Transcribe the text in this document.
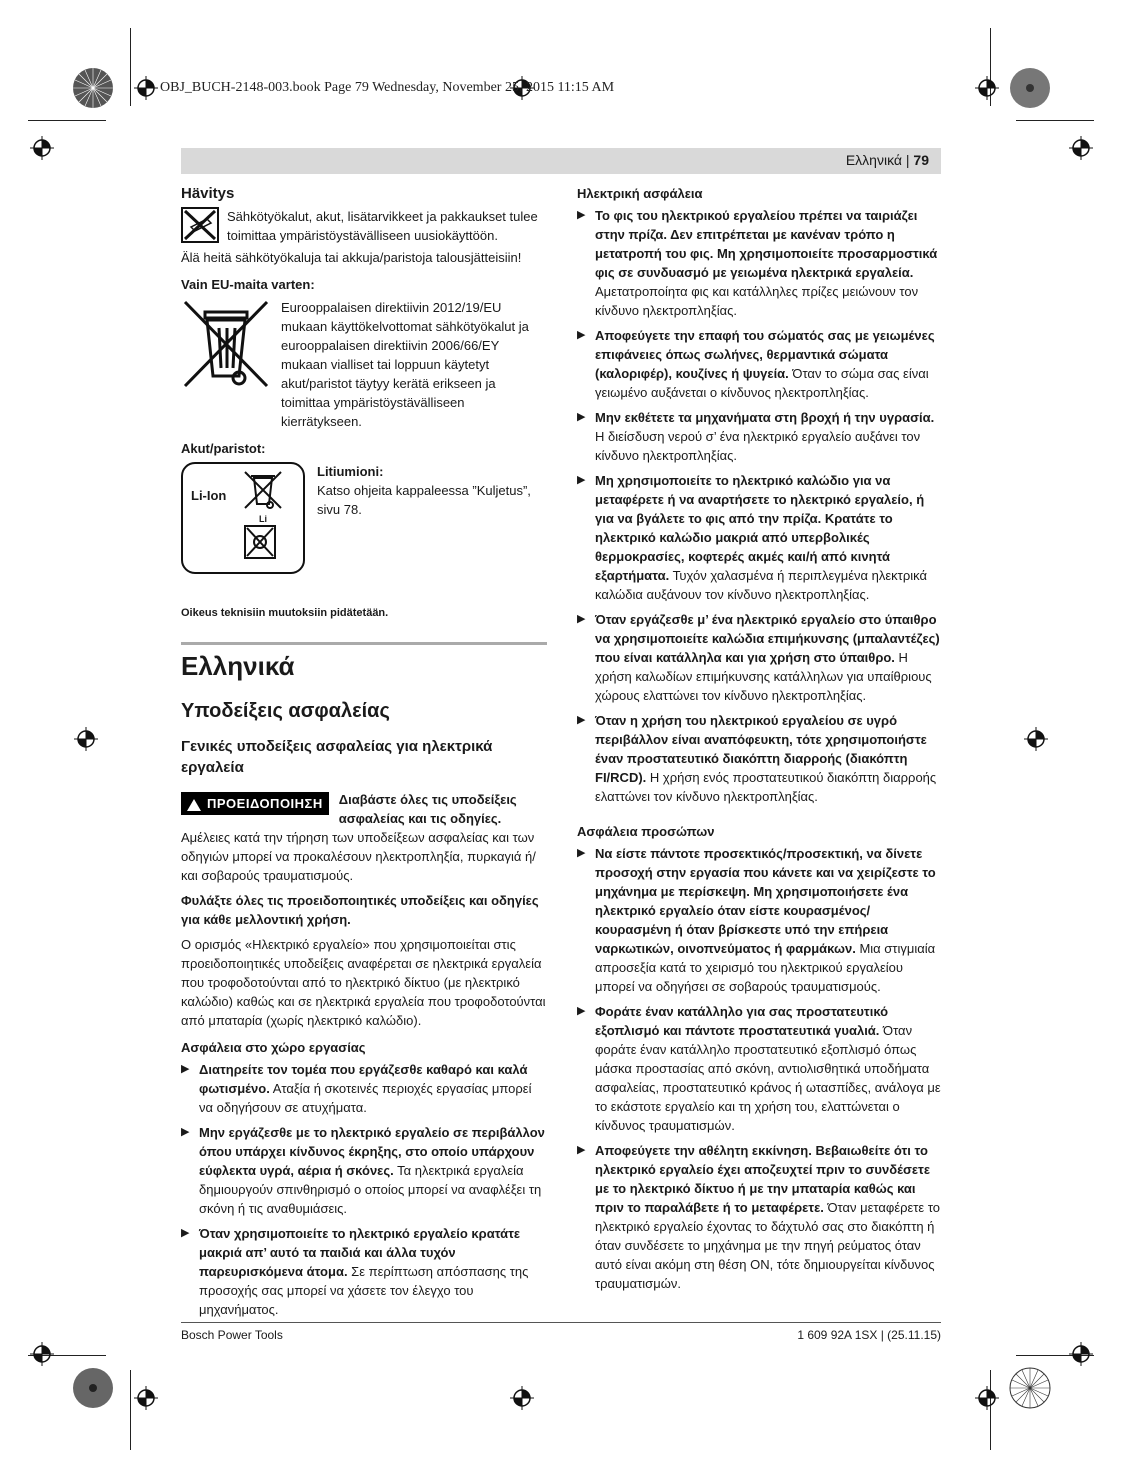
OBJ_BUCH-2148-003.book Page 79 Wednesday, November 25, 2015 11:15 AM
Ελληνικά | 79
Hävitys

Sähkötyökalut, akut, lisätarvikkeet ja pakkaukset tulee toimittaa ympäristöystävälliseen uusiokäyttöön.

Älä heitä sähkötyökaluja tai akkuja/paristoja talousjätteisiin!

Vain EU-maita varten:

Eurooppalaisen direktiivin 2012/19/EU mukaan käyttökelvottomat sähkötyökalut ja eurooppalaisen direktiivin 2006/66/EY mukaan vialliset tai loppuun käytetyt akut/paristot täytyy kerätä erikseen ja toimittaa ympäristöystävälliseen kierrätykseen.

Akut/paristot:

Li-Ion
Li

Litiumioni:

Katso ohjeita kappaleessa ”Kuljetus”, sivu 78.

Oikeus teknisiin muutoksiin pidätetään.

Ελληνικά
Υποδείξεις ασφαλείας
Γενικές υποδείξεις ασφαλείας για ηλεκτρικά εργαλεία
ΠΡΟΕΙΔΟΠΟΙΗΣΗ	Διαβάστε όλες τις υποδείξεις ασφαλείας και τις οδηγίες. Αμέλειες κατά την τήρηση των υποδείξεων ασφαλείας και των οδηγιών μπορεί να προκαλέσουν ηλεκτροπληξία, πυρκαγιά ή/και σοβαρούς τραυματισμούς.

Φυλάξτε όλες τις προειδοποιητικές υποδείξεις και οδηγίες για κάθε μελλοντική χρήση.

Ο ορισμός «Ηλεκτρικό εργαλείο» που χρησιμοποιείται στις προειδοποιητικές υποδείξεις αναφέρεται σε ηλεκτρικά εργαλεία που τροφοδοτούνται από το ηλεκτρικό δίκτυο (με ηλεκτρικό καλώδιο) καθώς και σε ηλεκτρικά εργαλεία που τροφοδοτούνται από μπαταρία (χωρίς ηλεκτρικό καλώδιο).

Ασφάλεια στο χώρο εργασίας

▶ Διατηρείτε τον τομέα που εργάζεσθε καθαρό και καλά φωτισμένο. Αταξία ή σκοτεινές περιοχές εργασίας μπορεί να οδηγήσουν σε ατυχήματα.
▶ Μην εργάζεσθε με το ηλεκτρικό εργαλείο σε περιβάλλον όπου υπάρχει κίνδυνος έκρηξης, στο οποίο υπάρχουν εύφλεκτα υγρά, αέρια ή σκόνες. Τα ηλεκτρικά εργαλεία δημιουργούν σπινθηρισμό ο οποίος μπορεί να αναφλέξει τη σκόνη ή τις αναθυμιάσεις.
▶ Όταν χρησιμοποιείτε το ηλεκτρικό εργαλείο κρατάτε μακριά απ’ αυτό τα παιδιά και άλλα τυχόν παρευρισκόμενα άτομα. Σε περίπτωση απόσπασης της προσοχής σας μπορεί να χάσετε τον έλεγχο του μηχανήματος.

Ηλεκτρική ασφάλεια

▶ Το φις του ηλεκτρικού εργαλείου πρέπει να ταιριάζει στην πρίζα. Δεν επιτρέπεται με κανέναν τρόπο η μετατροπή του φις. Μη χρησιμοποιείτε προσαρμοστικά φις σε συνδυασμό με γειωμένα ηλεκτρικά εργαλεία. Αμετατροποίητα φις και κατάλληλες πρίζες μειώνουν τον κίνδυνο ηλεκτροπληξίας.
▶ Αποφεύγετε την επαφή του σώματός σας με γειωμένες επιφάνειες όπως σωλήνες, θερμαντικά σώματα (καλοριφέρ), κουζίνες ή ψυγεία. Όταν το σώμα σας είναι γειωμένο αυξάνεται ο κίνδυνος ηλεκτροπληξίας.
▶ Μην εκθέτετε τα μηχανήματα στη βροχή ή την υγρασία. Η διείσδυση νερού σ’ ένα ηλεκτρικό εργαλείο αυξάνει τον κίνδυνο ηλεκτροπληξίας.
▶ Μη χρησιμοποιείτε το ηλεκτρικό καλώδιο για να μεταφέρετε ή να αναρτήσετε το ηλεκτρικό εργαλείο, ή για να βγάλετε το φις από την πρίζα. Κρατάτε το ηλεκτρικό καλώδιο μακριά από υπερβολικές θερμοκρασίες, κοφτερές ακμές και/ή από κινητά εξαρτήματα. Τυχόν χαλασμένα ή περιπλεγμένα ηλεκτρικά καλώδια αυξάνουν τον κίνδυνο ηλεκτροπληξίας.
▶ Όταν εργάζεσθε μ’ ένα ηλεκτρικό εργαλείο στο ύπαιθρο να χρησιμοποιείτε καλώδια επιμήκυνσης (μπαλαντέζες) που είναι κατάλληλα και για χρήση στο ύπαιθρο. Η χρήση καλωδίων επιμήκυνσης κατάλληλων για υπαίθριους χώρους ελαττώνει τον κίνδυνο ηλεκτροπληξίας.
▶ Όταν η χρήση του ηλεκτρικού εργαλείου σε υγρό περιβάλλον είναι αναπόφευκτη, τότε χρησιμοποιήστε έναν προστατευτικό διακόπτη διαρροής (διακόπτη FI/RCD). Η χρήση ενός προστατευτικού διακόπτη διαρροής ελαττώνει τον κίνδυνο ηλεκτροπληξίας.

Ασφάλεια προσώπων

▶ Να είστε πάντοτε προσεκτικός/προσεκτική, να δίνετε προσοχή στην εργασία που κάνετε και να χειρίζεστε το μηχάνημα με περίσκεψη. Μη χρησιμοποιήσετε ένα ηλεκτρικό εργαλείο όταν είστε κουρασμένος/κουρασμένη ή όταν βρίσκεστε υπό την επήρεια ναρκωτικών, οινοπνεύματος ή φαρμάκων. Μια στιγμιαία απροσεξία κατά το χειρισμό του ηλεκτρικού εργαλείου μπορεί να οδηγήσει σε σοβαρούς τραυματισμούς.
▶ Φοράτε έναν κατάλληλο για σας προστατευτικό εξοπλισμό και πάντοτε προστατευτικά γυαλιά. Όταν φοράτε έναν κατάλληλο προστατευτικό εξοπλισμό όπως μάσκα προστασίας από σκόνη, αντιολισθητικά υποδήματα ασφαλείας, προστατευτικό κράνος ή ωτασπίδες, ανάλογα με το εκάστοτε εργαλείο και τη χρήση του, ελαττώνεται ο κίνδυνος τραυματισμών.
▶ Αποφεύγετε την αθέλητη εκκίνηση. Βεβαιωθείτε ότι το ηλεκτρικό εργαλείο έχει αποζευχτεί πριν το συνδέσετε με το ηλεκτρικό δίκτυο ή με την μπαταρία καθώς και πριν το παραλάβετε ή το μεταφέρετε. Όταν μεταφέρετε το ηλεκτρικό εργαλείο έχοντας το δάχτυλό σας στο διακόπτη ή όταν συνδέσετε το μηχάνημα με την πηγή ρεύματος όταν αυτό είναι ακόμη στη θέση ON, τότε δημιουργείται κίνδυνος τραυματισμών.
Bosch Power Tools	1 609 92A 1SX | (25.11.15)
